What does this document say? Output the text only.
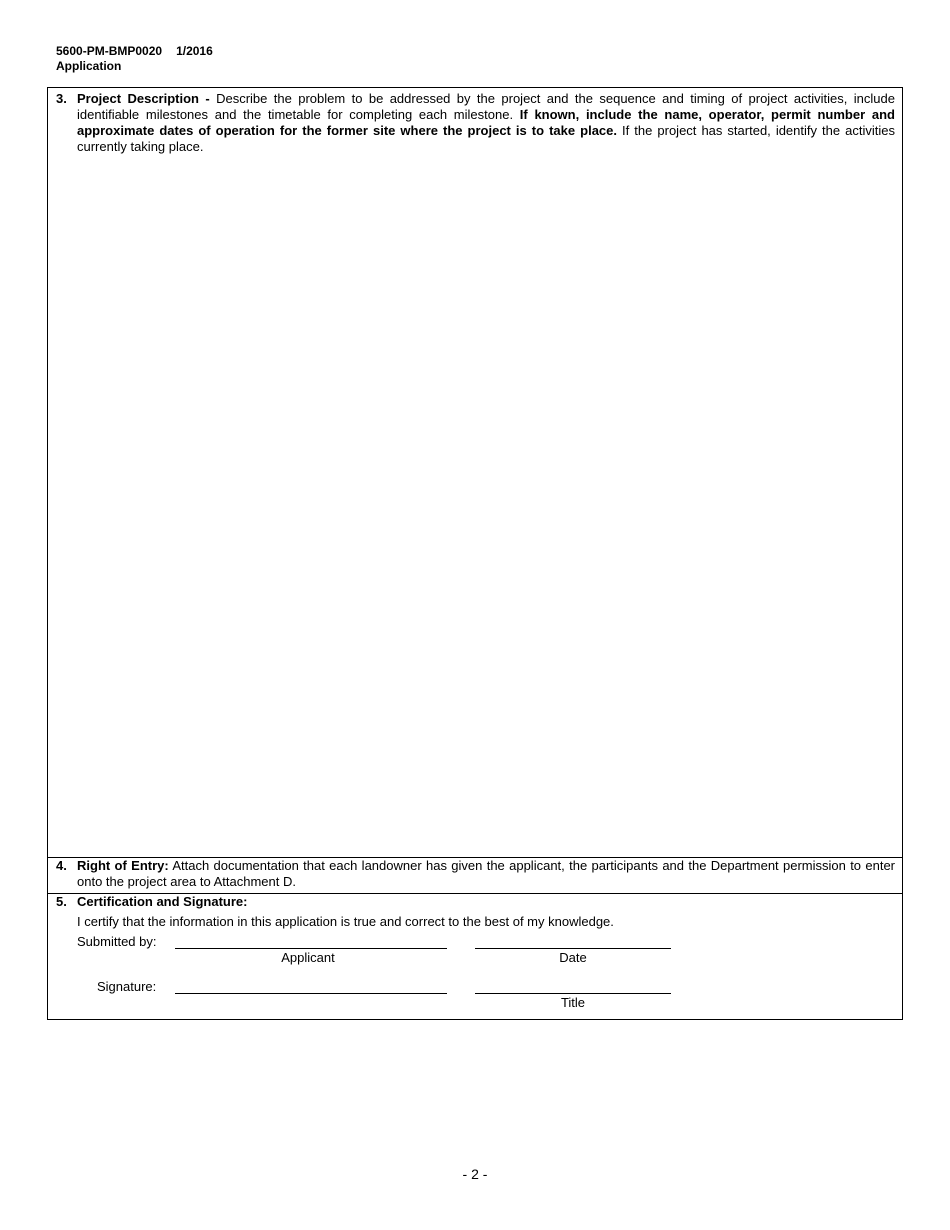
5600-PM-BMP0020 1/2016
Application
3. Project Description - Describe the problem to be addressed by the project and the sequence and timing of project activities, include identifiable milestones and the timetable for completing each milestone. If known, include the name, operator, permit number and approximate dates of operation for the former site where the project is to take place. If the project has started, identify the activities currently taking place.
4. Right of Entry: Attach documentation that each landowner has given the applicant, the participants and the Department permission to enter onto the project area to Attachment D.
5. Certification and Signature:
I certify that the information in this application is true and correct to the best of my knowledge.
Submitted by:
Applicant	Date
Signature:
Title
- 2 -
